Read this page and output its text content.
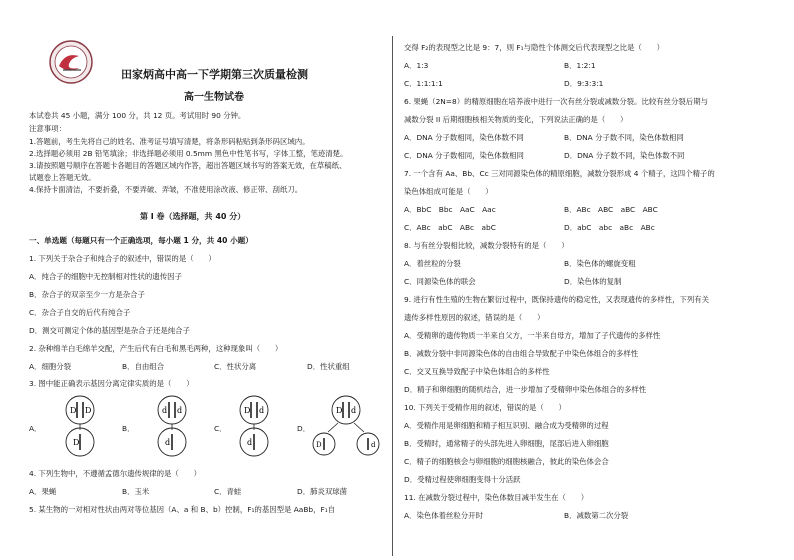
田家炳高中高一下学期第三次质量检测
高一生物试卷
本试卷共 45 小题，满分 100 分，共 12 页。考试用时 90 分钟。
注意事项：
1.答题前，考生先将自己的姓名、准考证号填写清楚，将条形码粘贴到条形码区域内。
2.选择题必须用 2B 铅笔填涂；非选择题必须用 0.5mm 黑色中性笔书写，字体工整，笔迹清楚。
3.请按照题号顺序在答题卡各题目的答题区域内作答，超出答题区域书写的答案无效，在草稿纸、
试题卷上答题无效。
4.保持卡面清洁，不要折叠，不要弄破、弄皱，不准使用涂改液、修正带、刮纸刀。
第 I 卷（选择题，共 40 分）
一、单选题（每题只有一个正确选项，每小题 1 分，共 40 小题）
1. 下列关于杂合子和纯合子的叙述中，错误的是（　　）
A．纯合子的细胞中无控制相对性状的遗传因子
B．杂合子的双亲至少一方是杂合子
C．杂合子自交的后代有纯合子
D．测交可测定个体的基因型是杂合子还是纯合子
2. 杂种绵羊白毛绵羊交配，产生后代有白毛和黑毛两种，这种现象叫（　　）
A．细胞分裂	B．自由组合	C．性状分离	D．性状重组
3. 图中能正确表示基因分离定律实质的是（　　）
A．	B．	C．	D．
D D
D
d d
d
D d
d
D d
D	d
4. 下列生物中，不遵循孟德尔遗传规律的是（　　）
A．果蝇	B．玉米	C．青蛙	D．肺炎双球菌
5. 某生物的一对相对性状由两对等位基因（A、a 和 B、b）控制，F₁的基因型是 AaBb，F₁自
交得 F₂的表现型之比是 9：7，则 F₁与隐性个体测交后代表现型之比是（　　）
A．1:3	B．1:2:1
C．1:1:1:1	D．9:3:3:1
6. 果蝇（2N=8）的精原细胞在培养液中进行一次有丝分裂或减数分裂。比较有丝分裂后期与
减数分裂 II 后期细胞核相关物质的变化，下列说法正确的是（　　）
A．DNA 分子数相同，染色体数不同	B．DNA 分子数不同，染色体数相同
C．DNA 分子数相同，染色体数相同	D．DNA 分子数不同，染色体数不同
7. 一个含有 Aa、Bb、Cc 三对同源染色体的精原细胞，减数分裂形成 4 个精子，这四个精子的
染色体组成可能是（　　）
A．BbC　Bbc　AaC　Aac	B．ABc　ABC　aBC　ABC
C．ABc　abC　ABc　abC	D．abC　abc　aBc　ABc
8. 与有丝分裂相比较，减数分裂特有的是（　　）
A．着丝粒的分裂	B．染色体的螺旋变粗
C．同源染色体的联会	D．染色体的复制
9. 进行有性生殖的生物在繁衍过程中，既保持遗传的稳定性，又表现遗传的多样性，下列有关
遗传多样性原因的叙述，错误的是（　　）
A．受精卵的遗传物质一半来自父方，一半来自母方，增加了子代遗传的多样性
B．减数分裂中非同源染色体的自由组合导致配子中染色体组合的多样性
C．交叉互换导致配子中染色体组合的多样性
D．精子和卵细胞的随机结合，进一步增加了受精卵中染色体组合的多样性
10. 下列关于受精作用的叙述，错误的是（　　）
A．受精作用是卵细胞和精子相互识别、融合成为受精卵的过程
B．受精时，通常精子的头部先进入卵细胞，尾部后进入卵细胞
C．精子的细胞核会与卵细胞的细胞核融合，彼此的染色体会合
D．受精过程使卵细胞变得十分活跃
11. 在减数分裂过程中，染色体数目减半发生在（　　）
A．染色体着丝粒分开时	B．减数第二次分裂
